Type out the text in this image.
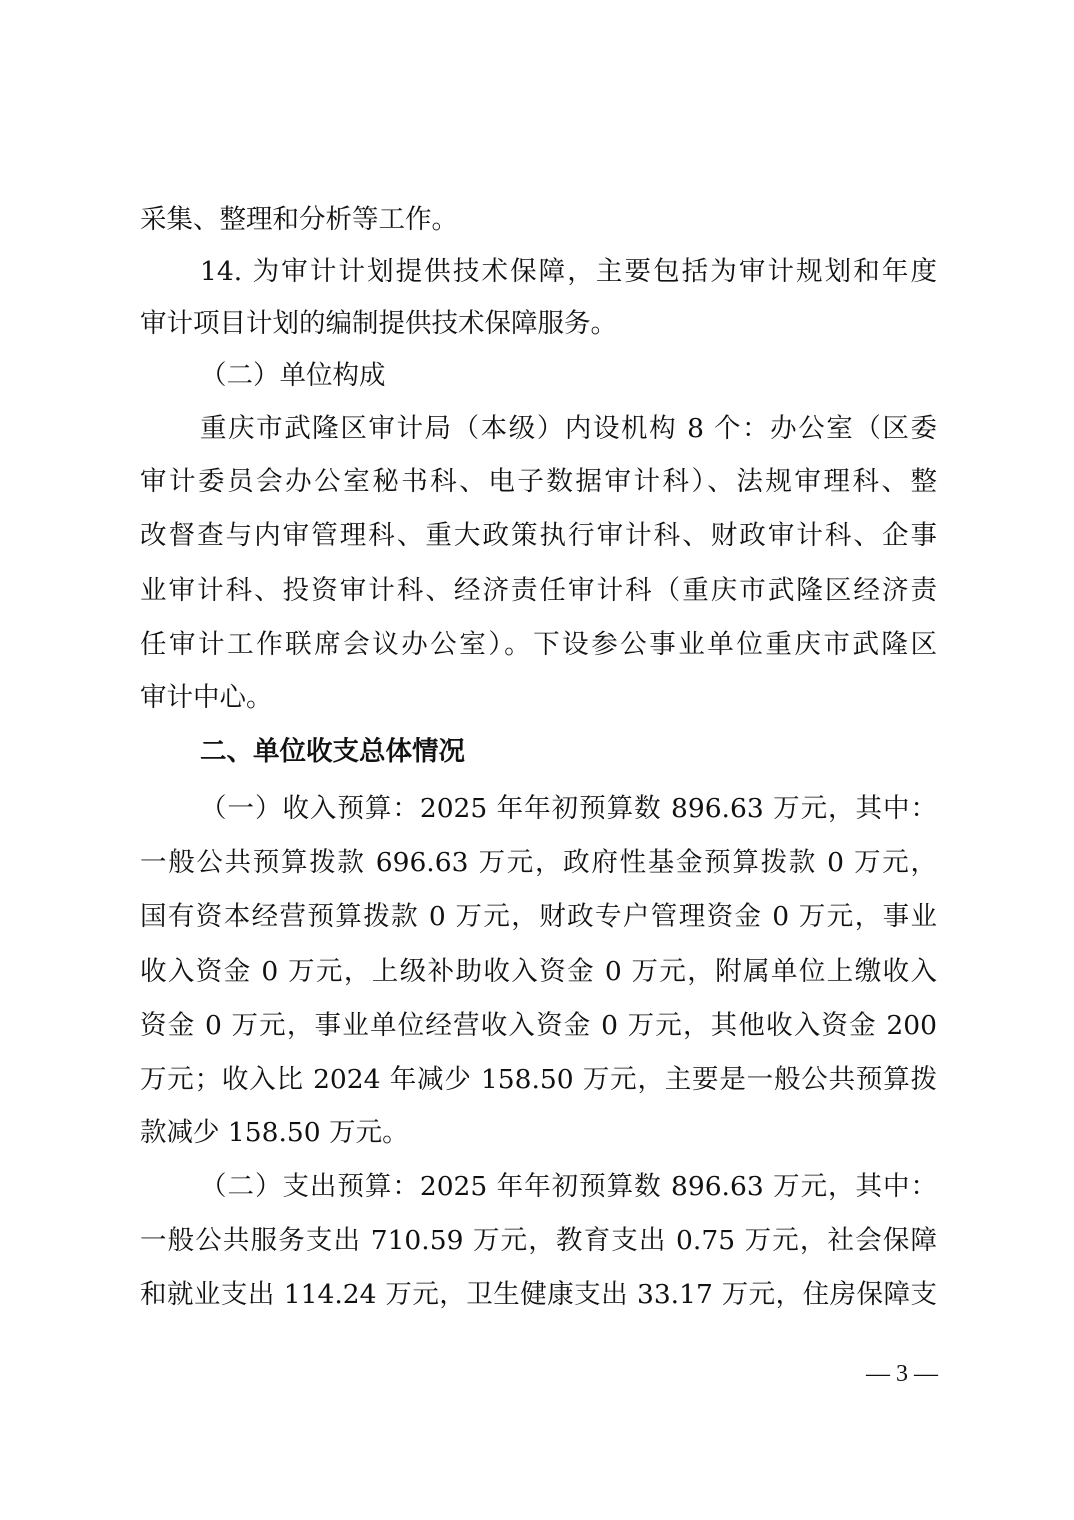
采集、整理和分析等工作。
14. 为审计计划提供技术保障，主要包括为审计规划和年度
审计项目计划的编制提供技术保障服务。
（二）单位构成
重庆市武隆区审计局（本级）内设机构 8 个：办公室（区委
审计委员会办公室秘书科、电子数据审计科）、法规审理科、整
改督查与内审管理科、重大政策执行审计科、财政审计科、企事
业审计科、投资审计科、经济责任审计科（重庆市武隆区经济责
任审计工作联席会议办公室）。下设参公事业单位重庆市武隆区
审计中心。
二、单位收支总体情况
（一）收入预算：2025 年年初预算数 896.63 万元，其中：
一般公共预算拨款 696.63 万元，政府性基金预算拨款 0 万元，
国有资本经营预算拨款 0 万元，财政专户管理资金 0 万元，事业
收入资金 0 万元，上级补助收入资金 0 万元，附属单位上缴收入
资金 0 万元，事业单位经营收入资金 0 万元，其他收入资金 200
万元；收入比 2024 年减少 158.50 万元，主要是一般公共预算拨
款减少 158.50 万元。
（二）支出预算：2025 年年初预算数 896.63 万元，其中：
一般公共服务支出 710.59 万元，教育支出 0.75 万元，社会保障
和就业支出 114.24 万元，卫生健康支出 33.17 万元，住房保障支
— 3 —
